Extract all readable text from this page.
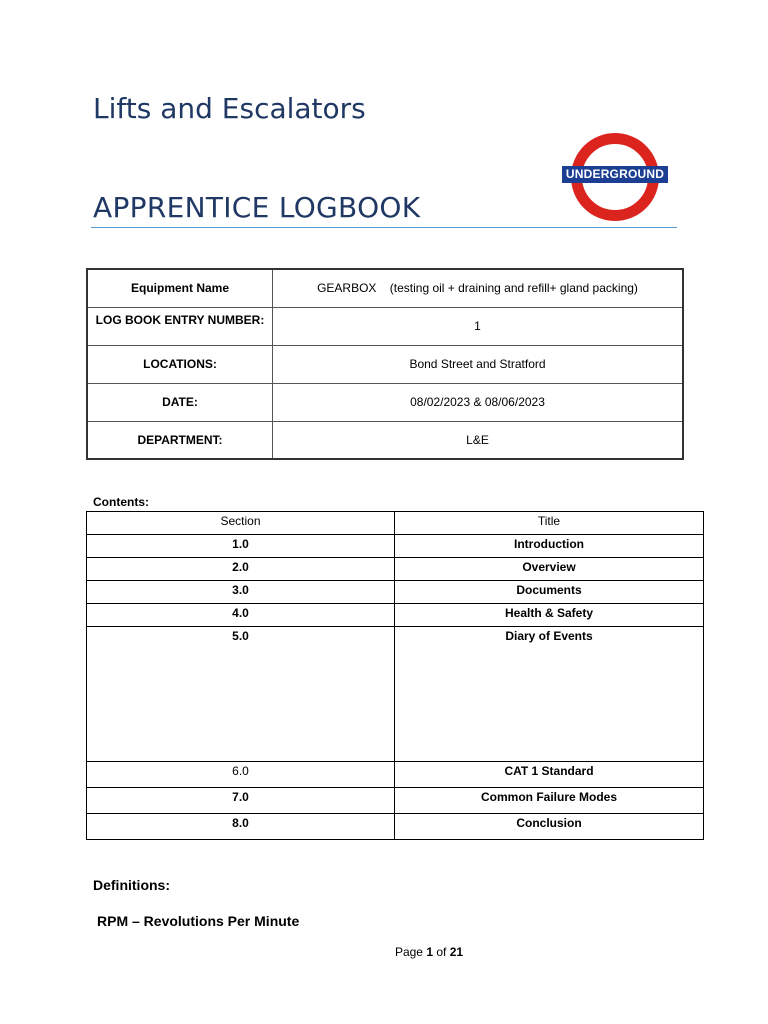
Lifts and Escalators
UNDERGROUND
APPRENTICE LOGBOOK
Equipment Name	GEARBOX    (testing oil + draining and refill+ gland packing)
LOG BOOK ENTRY NUMBER:	1
LOCATIONS:	Bond Street and Stratford
DATE:	08/02/2023 & 08/06/2023
DEPARTMENT:	L&E
Contents:
Section	Title
1.0	Introduction
2.0	Overview
3.0	Documents
4.0	Health & Safety
5.0	Diary of Events
6.0	CAT 1 Standard
7.0	Common Failure Modes
8.0	Conclusion
Definitions:
RPM – Revolutions Per Minute
Page 1 of 21
